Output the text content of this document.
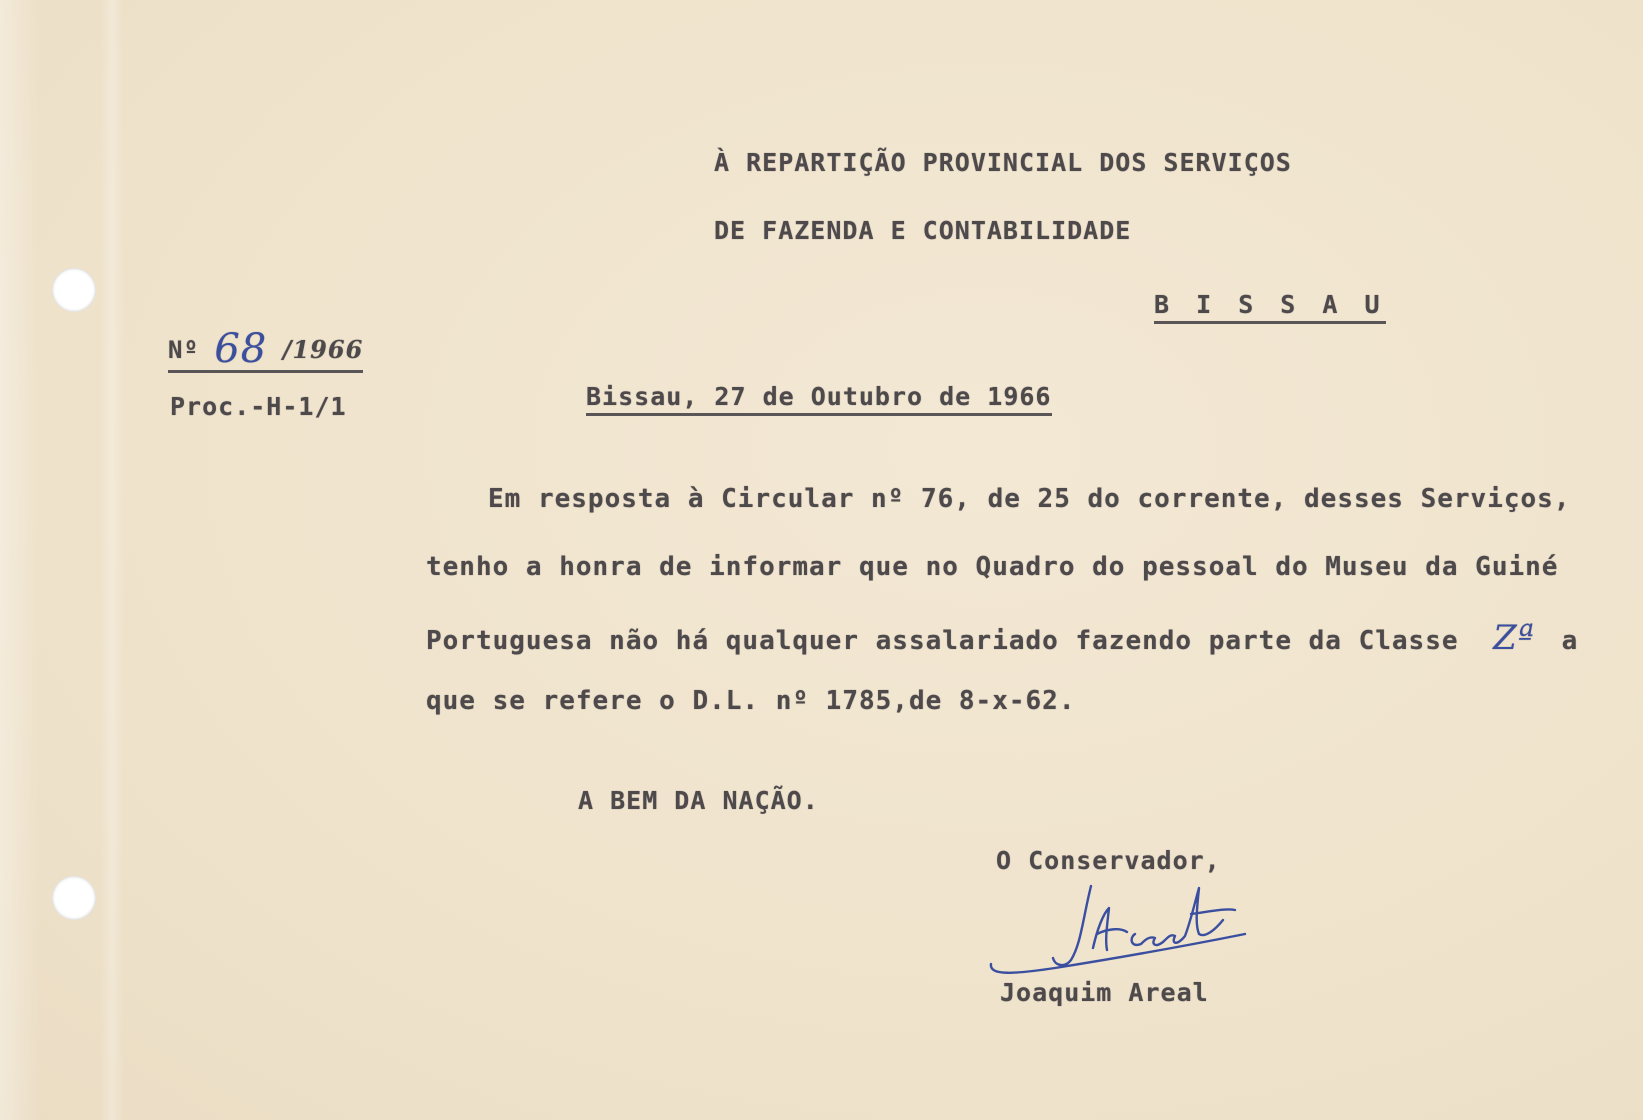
À REPARTIÇÃO PROVINCIAL DOS SERVIÇOS
DE FAZENDA E CONTABILIDADE
B I S S A U
Nº 68 /1966
Proc.-H-1/1	Bissau, 27 de Outubro de 1966
Em resposta à Circular nº 76, de 25 do corrente, desses Serviços,
tenho a honra de informar que no Quadro do pessoal do Museu da Guiné
Portuguesa não há qualquer assalariado fazendo parte da Classe Zª a
que se refere o D.L. nº 1785,de 8-x-62.
A BEM DA NAÇÃO.
O Conservador,
Joaquim Areal
